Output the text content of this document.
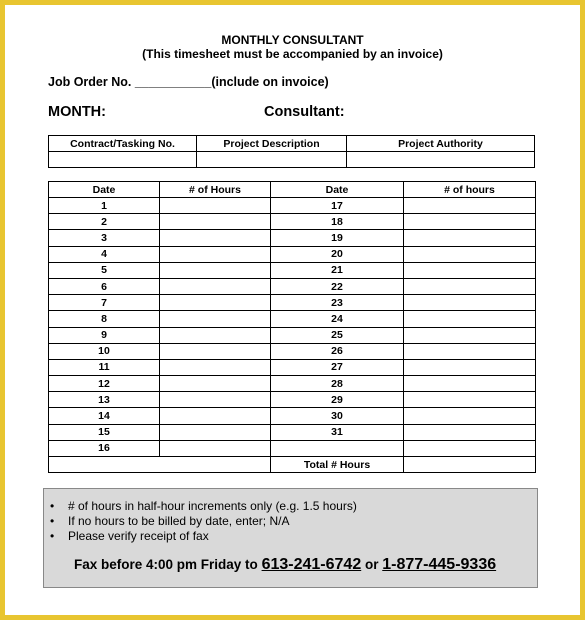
MONTHLY CONSULTANT
(This timesheet must be accompanied by an invoice)
Job Order No. ___________(include on invoice)
MONTH:	Consultant:
Contract/Tasking No.	Project Description	Project Authority

Date	# of Hours	Date	# of hours
1		17	
2		18	
3		19	
4		20	
5		21	
6		22	
7		23	
8		24	
9		25	
10		26	
11		27	
12		28	
13		29	
14		30	
15		31	
16			
		Total # Hours	
• # of hours in half-hour increments only (e.g. 1.5 hours)
• If no hours to be billed by date, enter; N/A
• Please verify receipt of fax
Fax before 4:00 pm Friday to 613-241-6742 or 1-877-445-9336
